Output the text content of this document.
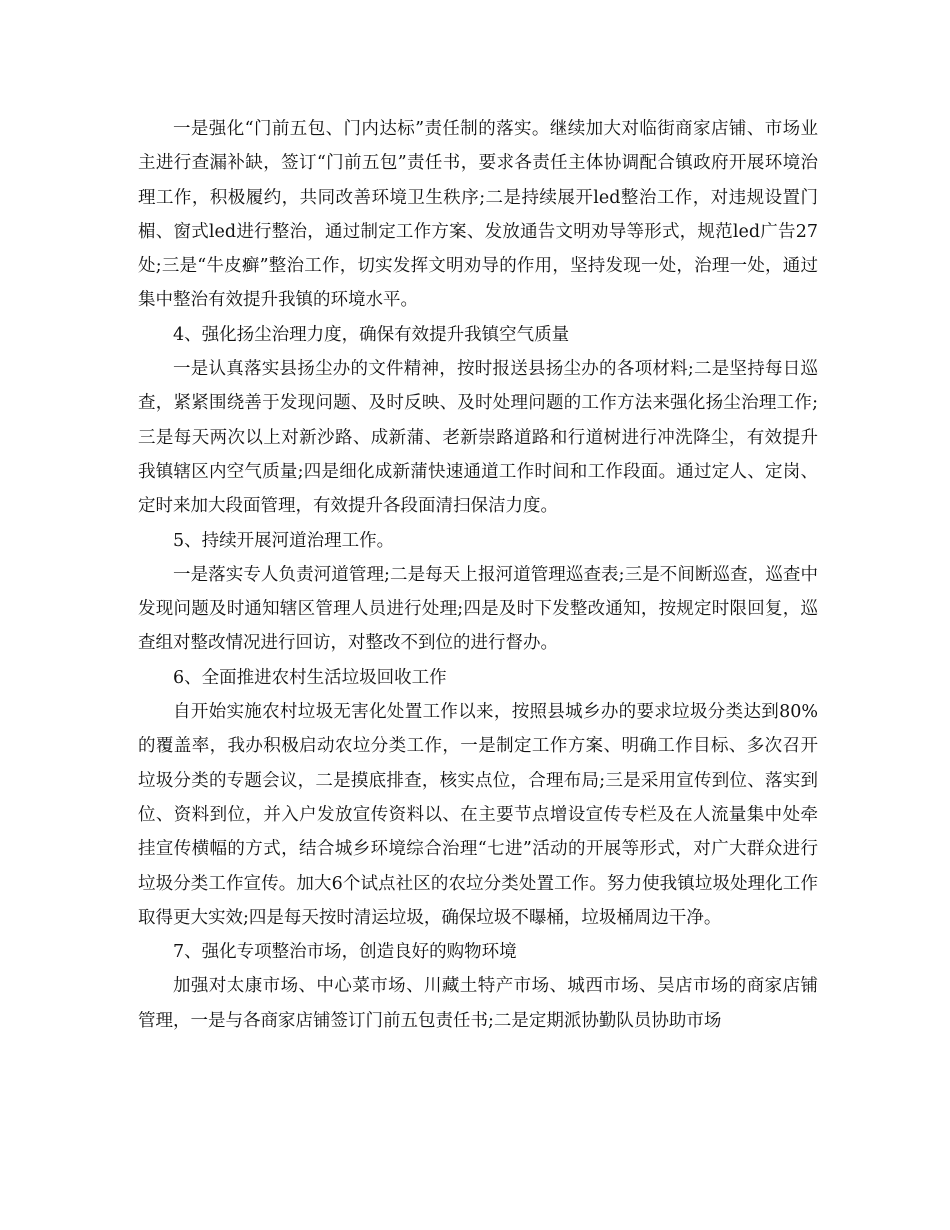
一是强化“门前五包、门内达标”责任制的落实。继续加大对临街商家店铺、市场业主进行查漏补缺，签订“门前五包”责任书，要求各责任主体协调配合镇政府开展环境治理工作，积极履约，共同改善环境卫生秩序;二是持续展开led整治工作，对违规设置门楣、窗式led进行整治，通过制定工作方案、发放通告文明劝导等形式，规范led广告27处;三是“牛皮癣”整治工作，切实发挥文明劝导的作用，坚持发现一处，治理一处，通过集中整治有效提升我镇的环境水平。

4、强化扬尘治理力度，确保有效提升我镇空气质量

一是认真落实县扬尘办的文件精神，按时报送县扬尘办的各项材料;二是坚持每日巡查，紧紧围绕善于发现问题、及时反映、及时处理问题的工作方法来强化扬尘治理工作;三是每天两次以上对新沙路、成新蒲、老新崇路道路和行道树进行冲洗降尘，有效提升我镇辖区内空气质量;四是细化成新蒲快速通道工作时间和工作段面。通过定人、定岗、定时来加大段面管理，有效提升各段面清扫保洁力度。

5、持续开展河道治理工作。

一是落实专人负责河道管理;二是每天上报河道管理巡查表;三是不间断巡查，巡查中发现问题及时通知辖区管理人员进行处理;四是及时下发整改通知，按规定时限回复，巡查组对整改情况进行回访，对整改不到位的进行督办。

6、全面推进农村生活垃圾回收工作

自开始实施农村垃圾无害化处置工作以来，按照县城乡办的要求垃圾分类达到80%的覆盖率，我办积极启动农垃分类工作，一是制定工作方案、明确工作目标、多次召开垃圾分类的专题会议，二是摸底排查，核实点位，合理布局;三是采用宣传到位、落实到位、资料到位，并入户发放宣传资料以、在主要节点增设宣传专栏及在人流量集中处牵挂宣传横幅的方式，结合城乡环境综合治理“七进”活动的开展等形式，对广大群众进行垃圾分类工作宣传。加大6个试点社区的农垃分类处置工作。努力使我镇垃圾处理化工作取得更大实效;四是每天按时清运垃圾，确保垃圾不曝桶，垃圾桶周边干净。

7、强化专项整治市场，创造良好的购物环境

加强对太康市场、中心菜市场、川藏土特产市场、城西市场、吴店市场的商家店铺管理，一是与各商家店铺签订门前五包责任书;二是定期派协勤队员协助市场
